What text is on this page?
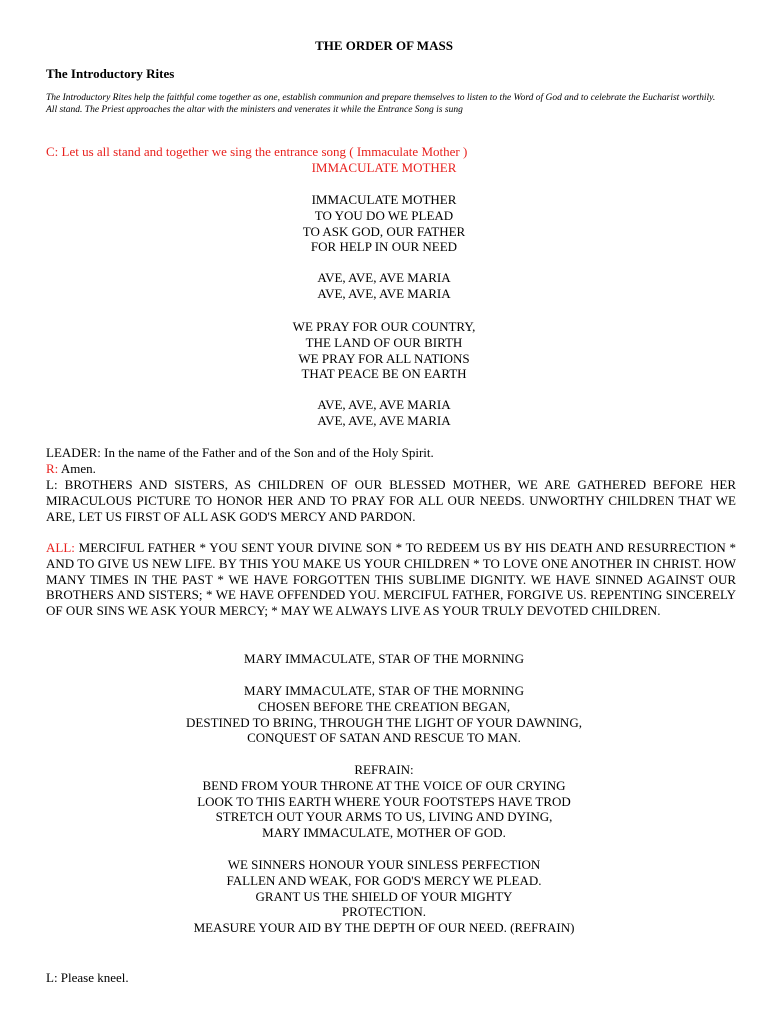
THE ORDER OF MASS
The Introductory Rites
The Introductory Rites help the faithful come together as one, establish communion and prepare themselves to listen to the Word of God and to celebrate the Eucharist worthily.
All stand. The Priest approaches the altar with the ministers and venerates it while the Entrance Song is sung
C: Let us all stand and together we sing the entrance song ( Immaculate Mother )
IMMACULATE MOTHER
IMMACULATE MOTHER
TO YOU DO WE PLEAD
TO ASK GOD, OUR FATHER
FOR HELP IN OUR NEED
AVE, AVE, AVE MARIA
AVE, AVE, AVE MARIA
WE PRAY FOR OUR COUNTRY,
THE LAND OF OUR BIRTH
WE PRAY FOR ALL NATIONS
THAT PEACE BE ON EARTH
AVE, AVE, AVE MARIA
AVE, AVE, AVE MARIA
LEADER: In the name of the Father and of the Son and of the Holy Spirit.
R: Amen.
L: BROTHERS AND SISTERS, AS CHILDREN OF OUR BLESSED MOTHER, WE ARE GATHERED BEFORE HER MIRACULOUS PICTURE TO HONOR HER AND TO PRAY FOR ALL OUR NEEDS. UNWORTHY CHILDREN THAT WE ARE, LET US FIRST OF ALL ASK GOD'S MERCY AND PARDON.
ALL: MERCIFUL FATHER * YOU SENT YOUR DIVINE SON * TO REDEEM US BY HIS DEATH AND RESURRECTION * AND TO GIVE US NEW LIFE. BY THIS YOU MAKE US YOUR CHILDREN * TO LOVE ONE ANOTHER IN CHRIST. HOW MANY TIMES IN THE PAST * WE HAVE FORGOTTEN THIS SUBLIME DIGNITY. WE HAVE SINNED AGAINST OUR BROTHERS AND SISTERS; * WE HAVE OFFENDED YOU. MERCIFUL FATHER, FORGIVE US. REPENTING SINCERELY OF OUR SINS WE ASK YOUR MERCY; * MAY WE ALWAYS LIVE AS YOUR TRULY DEVOTED CHILDREN.
MARY IMMACULATE, STAR OF THE MORNING
MARY IMMACULATE, STAR OF THE MORNING
CHOSEN BEFORE THE CREATION BEGAN,
DESTINED TO BRING, THROUGH THE LIGHT OF YOUR DAWNING,
CONQUEST OF SATAN AND RESCUE TO MAN.
REFRAIN:
BEND FROM YOUR THRONE AT THE VOICE OF OUR CRYING
LOOK TO THIS EARTH WHERE YOUR FOOTSTEPS HAVE TROD
STRETCH OUT YOUR ARMS TO US, LIVING AND DYING,
MARY IMMACULATE, MOTHER OF GOD.
WE SINNERS HONOUR YOUR SINLESS PERFECTION
FALLEN AND WEAK, FOR GOD'S MERCY WE PLEAD.
GRANT US THE SHIELD OF YOUR MIGHTY
PROTECTION.
MEASURE YOUR AID BY THE DEPTH OF OUR NEED. (REFRAIN)
L: Please kneel.
